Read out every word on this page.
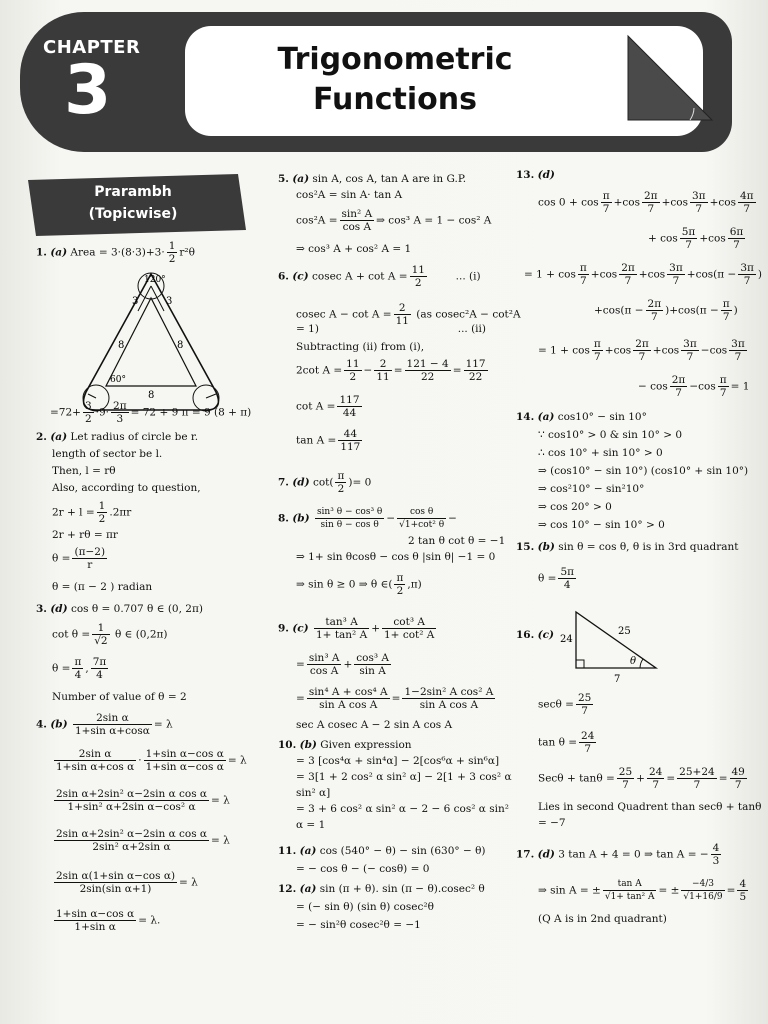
CHAPTER
3	Trigonometric
Functions
Prarambh
(Topicwise)
1. (a) Area = $3\cdot(8\cdot 3)+3\cdot \frac{1}{2} r^2\theta$
120°
3	3
8	8
60°
8
$=72+ \frac{3}{2} \cdot 9\cdot \frac{2\pi}{3} = 72 + 9$ π = 9 (8 + π)
2. (a) Let radius of circle be r.
length of sector be l.
Then, l = rθ
Also, according to question,
$2r + l = \frac{1}{2} .2\pi r$
2r + rθ = πr
$\theta = \frac{(\pi-2)}{r}$
θ = (π − 2 ) radian
3. (d) cos θ = 0.707 θ ∈ (0, 2π)
$\cot \theta = \frac{1}{√2}$ θ ∈ (0,2π)
$\theta = \frac{\pi}{4}$ , $\frac{7\pi}{4}$
Number of value of θ = 2
4. $(b) \frac{\text{2sin α}}{\text{1+sin α+cosα}} = \lambda$
$\frac{\text{2sin α}}{\text{1+sin α+cos α}} \cdot \frac{\text{1+sin α−cos α}}{\text{1+sin α−cos α}} = \lambda$
$\frac{\text{2sin α+2sin² α−2sin α cos α}}{\text{1+sin² α+2sin α−cos² α}} = \lambda$
$\frac{\text{2sin α+2sin² α−2sin α cos α}}{\text{2sin² α+2sin α}} = \lambda$
$\frac{\text{2sin α(1+sin α−cos α)}}{\text{2sin(sin α+1)}} = \lambda$
$\frac{\text{1+sin α−cos α}}{\text{1+sin α}} = \lambda$.
5. (a) sin A, cos A, tan A are in G.P.
cos²A = sin A· tan A
$\cos^2A = \frac{\text{sin² A}}{\text{cos A}}$ ⇒ cos³ A = 1 − cos² A
⇒ cos³ A + cos² A = 1
6. (c) cosec $A + \cot A = \frac{11}{2}$	... (i)
cosec $A - \cot A = \frac{2}{11} (as$ cosec²A − cot²A
= 1)	... (ii)
Subtracting (ii) from (i),
2cot $A = \frac{11}{2} - \frac{2}{11} = \frac{121 - 4}{22} = \frac{117}{22}$
$\cot A = \frac{117}{44}$
$\tan A = \frac{44}{117}$
7. (d) $\cot( \frac{\pi}{2}$ )= 0
8. $(b) \frac{\text{sin³ θ − cos³ θ}}{\text{sin θ − cos θ}} - \frac{\text{cos θ}}{\text{√1+cot² θ}}$ −
2 tan θ cot θ = −1
⇒ 1+ sin θcosθ − cos θ |sin θ| −1 = 0
⇒ sin θ ≥ 0 ⇒ θ ∈( $\frac{\pi}{2} ,\pi$)
9. $(c) \frac{\text{tan³ A}}{\text{1+ tan² A}} + \frac{\text{cot³ A}}{\text{1+ cot² A}}$
= $\frac{\text{sin³ A}}{\text{cos A}} + \frac{\text{cos³ A}}{\text{sin A}}$
= $\frac{\text{sin⁴ A + cos⁴ A}}{\text{sin A cos A}} = \frac{\text{1−2sin² A cos² A}}{\text{sin A cos A}}$
sec A cosec A − 2 sin A cos A
10. (b) Given expression
= 3 [cos⁴α + sin⁴α] − 2[cos⁶α + sin⁶α]
= 3[1 + 2 cos² α sin² α] − 2[1 + 3 cos² α
sin² α]
= 3 + 6 cos² α sin² α − 2 − 6 cos² α sin²
α = 1
11. (a) cos (540° − θ) − sin (630° − θ)
= − cos θ − (− cosθ) = 0
12. (a) sin (π + θ). sin (π − θ).cosec² θ
= (− sin θ) (sin θ) cosec²θ
= − sin²θ cosec²θ = −1
13. (d)
$\cos 0 + \cos \frac{\pi}{7} +\cos \frac{2\pi}{7} +\cos \frac{3\pi}{7} +\cos \frac{4\pi}{7}$
+ $\cos \frac{5\pi}{7} +\cos \frac{6\pi}{7}$
= $1 + \cos \frac{\pi}{7} +\cos \frac{2\pi}{7} +\cos \frac{3\pi}{7} +\cos(\pi - \frac{3\pi}{7}$ )
$+\cos(\pi - \frac{2\pi}{7} )+\cos(\pi - \frac{\pi}{7}$ )
= $1 + \cos \frac{\pi}{7} +\cos \frac{2\pi}{7} +\cos \frac{3\pi}{7} -\cos \frac{3\pi}{7}$
− $\cos \frac{2\pi}{7} -\cos \frac{\pi}{7} = 1$
14. (a) cos10° − sin 10°
∵ cos10° > 0 & sin 10° > 0
∴ cos 10° + sin 10° > 0
⇒ (cos10° − sin 10°) (cos10° + sin 10°)
⇒ cos²10° − sin²10°
⇒ cos 20° > 0
⇒ cos 10° − sin 10° > 0
15. (b) sin θ = cos θ, θ is in 3rd quadrant
$\theta = \frac{5\pi}{4}$
16. (c) 24
25
θ
7
$\sec\theta = \frac{25}{7}$
$\tan \theta = \frac{24}{7}$
$Sec\theta + \tan\theta = \frac{25}{7} + \frac{24}{7} = \frac{25+24}{7} = \frac{49}{7}$
Lies in second Quadrent than secθ + tanθ
= −7
17. (d) 3 tan A + 4 = 0 ⇒ tan A = − $\frac{4}{3}$
⇒ sin A = ± $\frac{\text{tan A}}{\text{√1+ tan² A}}$ = ± $\frac{-4/3}{√1+16/9} = \frac{4}{5}$
(Q A is in 2nd quadrant)
